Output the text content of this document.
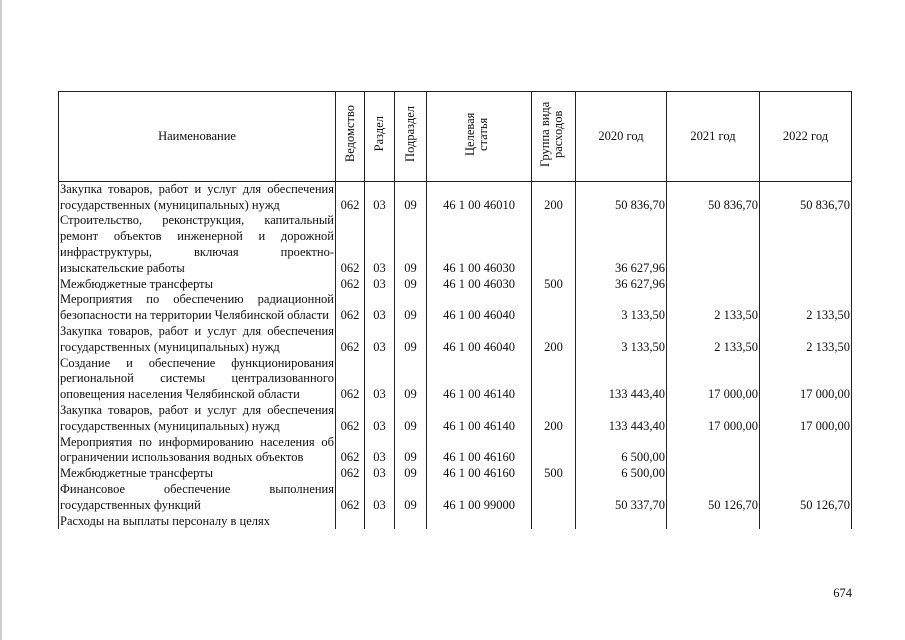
Наименование	Ведомство	Раздел	Подраздел	Целевая статья	Группа вида расходов	2020 год	2021 год	2022 год
Закупка товаров, работ и услуг для обеспечения государственных (муниципальных) нужд	062	03	09	46 1 00 46010	200	50 836,70	50 836,70	50 836,70
Строительство, реконструкция, капитальный ремонт объектов инженерной и дорожной инфраструктуры, включая проектно-изыскательские работы	062	03	09	46 1 00 46030		36 627,96		
Межбюджетные трансферты	062	03	09	46 1 00 46030	500	36 627,96		
Мероприятия по обеспечению радиационной безопасности на территории Челябинской области	062	03	09	46 1 00 46040		3 133,50	2 133,50	2 133,50
Закупка товаров, работ и услуг для обеспечения государственных (муниципальных) нужд	062	03	09	46 1 00 46040	200	3 133,50	2 133,50	2 133,50
Создание и обеспечение функционирования региональной системы централизованного оповещения населения Челябинской области	062	03	09	46 1 00 46140		133 443,40	17 000,00	17 000,00
Закупка товаров, работ и услуг для обеспечения государственных (муниципальных) нужд	062	03	09	46 1 00 46140	200	133 443,40	17 000,00	17 000,00
Мероприятия по информированию населения об ограничении использования водных объектов	062	03	09	46 1 00 46160		6 500,00		
Межбюджетные трансферты	062	03	09	46 1 00 46160	500	6 500,00		
Финансовое обеспечение выполнения государственных функций	062	03	09	46 1 00 99000		50 337,70	50 126,70	50 126,70
Расходы на выплаты персоналу в целях								
674
